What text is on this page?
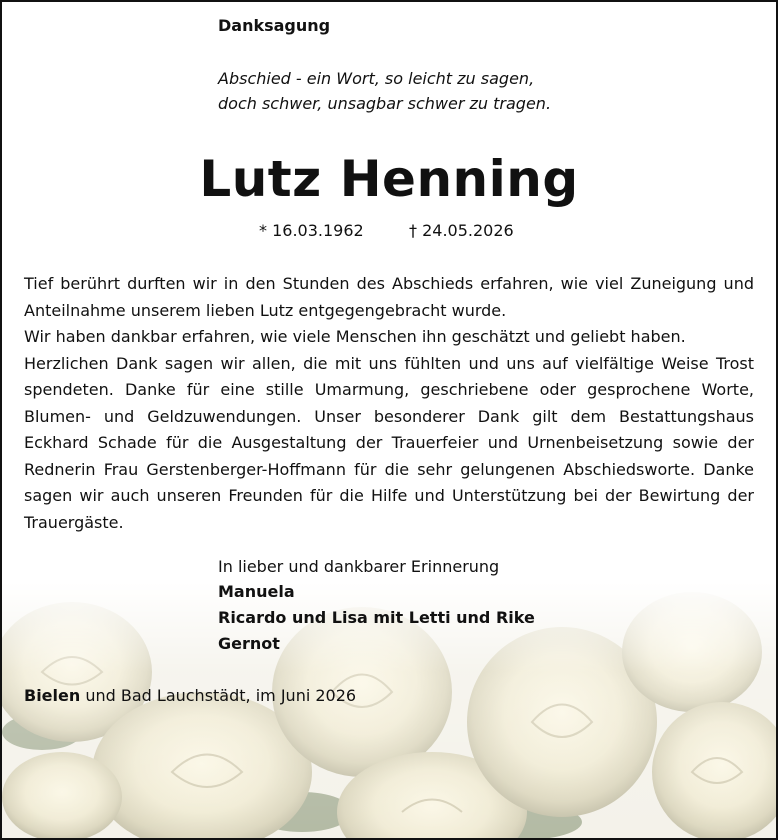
Danksagung
Abschied - ein Wort, so leicht zu sagen,
doch schwer, unsagbar schwer zu tragen.
Lutz Henning
* 16.03.1962	† 24.05.2026

Tief berührt durften wir in den Stunden des Abschieds erfahren, wie viel Zuneigung und Anteilnahme unserem lieben Lutz entgegengebracht wurde.

Wir haben dankbar erfahren, wie viele Menschen ihn geschätzt und geliebt haben.

Herzlichen Dank sagen wir allen, die mit uns fühlten und uns auf vielfältige Weise Trost spendeten. Danke für eine stille Umarmung, geschriebene oder gesprochene Worte, Blumen- und Geldzuwendungen. Unser besonderer Dank gilt dem Bestattungshaus Eckhard Schade für die Ausgestaltung der Trauerfeier und Urnenbeisetzung sowie der Rednerin Frau Gerstenberger-Hoffmann für die sehr gelungenen Abschiedsworte. Danke sagen wir auch unseren Freunden für die Hilfe und Unterstützung bei der Bewirtung der Trauergäste.

In lieber und dankbarer Erinnerung
Manuela
Ricardo und Lisa mit Letti und Rike
Gernot
Bielen und Bad Lauchstädt, im Juni 2026
